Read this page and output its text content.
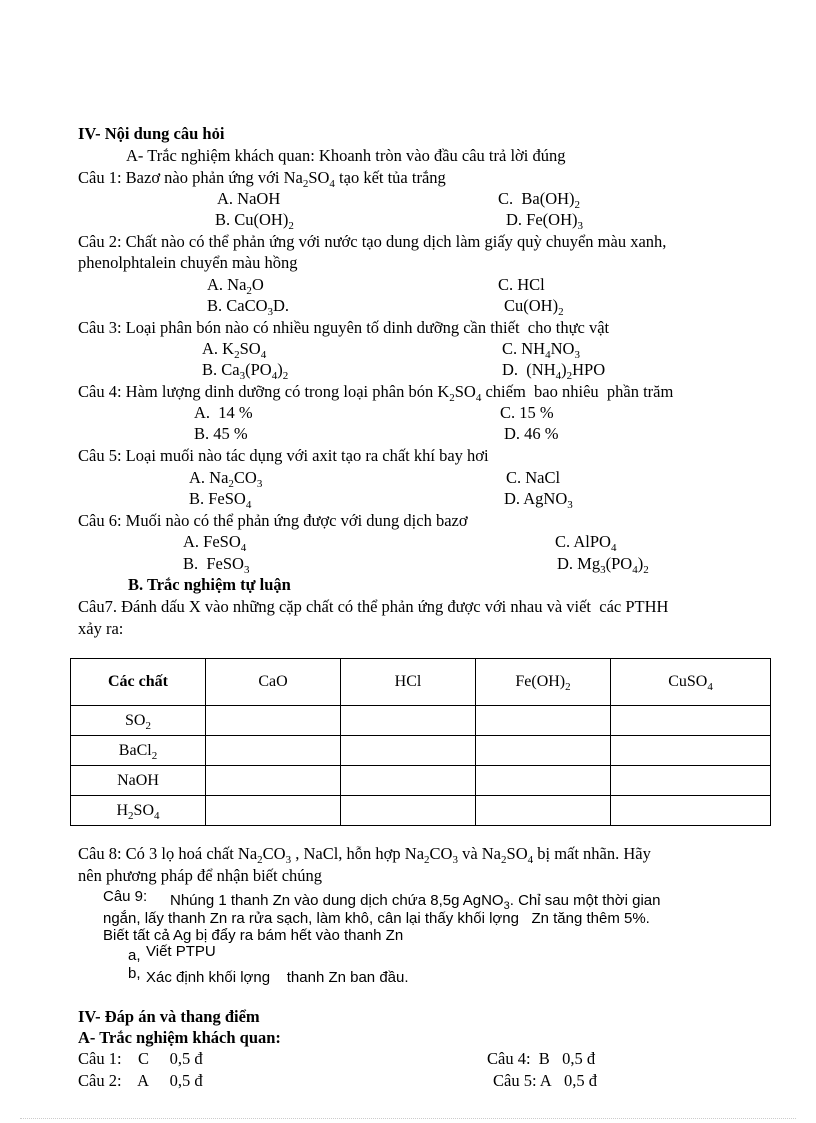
IV- Nội dung câu hỏi
A- Trắc nghiệm khách quan: Khoanh tròn vào đầu câu trả lời đúng
Câu 1: Bazơ nào phản ứng với $Na_2SO_4$ tạo kết tủa trắng
A. NaOH	C.  $Ba(OH)_2$
B. $Cu(OH)_2$	D. $Fe(OH)_3$
Câu 2: Chất nào có thể phản ứng với nước tạo dung dịch làm giấy quỳ chuyển màu xanh,
phenolphtalein chuyển màu hồng
A. $Na_2O$	C. HCl
B. CaCO$_3$D.	$Cu(OH)_2$
Câu 3: Loại phân bón nào có nhiều nguyên tố dinh dưỡng cần thiết  cho thực vật
A. $K_2SO_4$	C. $NH_4NO_3$
B. $Ca_3(PO_4)_2$	D.  $(NH_4)_2HPO$
Câu 4: Hàm lượng dinh dưỡng có trong loại phân bón $K_2SO_4$ chiếm  bao nhiêu  phần trăm
A.  14 %	C. 15 %
B. 45 %	D. 46 %
Câu 5: Loại muối nào tác dụng với axit tạo ra chất khí bay hơi
A. $Na_2CO_3$	C. NaCl
B. FeSO$_4$	D. AgNO$_3$
Câu 6: Muối nào có thể phản ứng được với dung dịch bazơ
A. FeSO$_4$	C. AlPO$_4$
B.  FeSO$_3$	D. $Mg_3(PO_4)_2$
B. Trắc nghiệm tự luận
Câu7. Đánh dấu X vào những cặp chất có thể phản ứng được với nhau và viết  các PTHH
xảy ra:
Các chất	CaO	HCl	$Fe(OH)_2$	CuSO$_4$
$SO_2$				
BaCl$_2$				
NaOH				
$H_2SO_4$				
Câu 8: Có 3 lọ hoá chất $Na_2CO_3$ , NaCl, hỗn hợp $Na_2CO_3$ và $Na_2SO_4$ bị mất nhãn. Hãy
nên phương pháp để nhận biết chúng
Câu 9: Nhúng 1 thanh Zn vào dung dịch chứa 8,5g AgNO$_3$. Chỉ sau một thời gian
ngắn, lấy thanh Zn ra rửa sạch, làm khô, cân lại thấy khối lợng   Zn tăng thêm 5%.
Biết tất cả Ag bị đẩy ra bám hết vào thanh Zn
a, Viết PTPU
b, Xác định khối lợng    thanh Zn ban đầu.
IV- Đáp án và thang điểm
A- Trắc nghiệm khách quan:
Câu 1:    C     0,5 đ	Câu 4:  B   0,5 đ
Câu 2:    A     0,5 đ	Câu 5: A   0,5 đ
